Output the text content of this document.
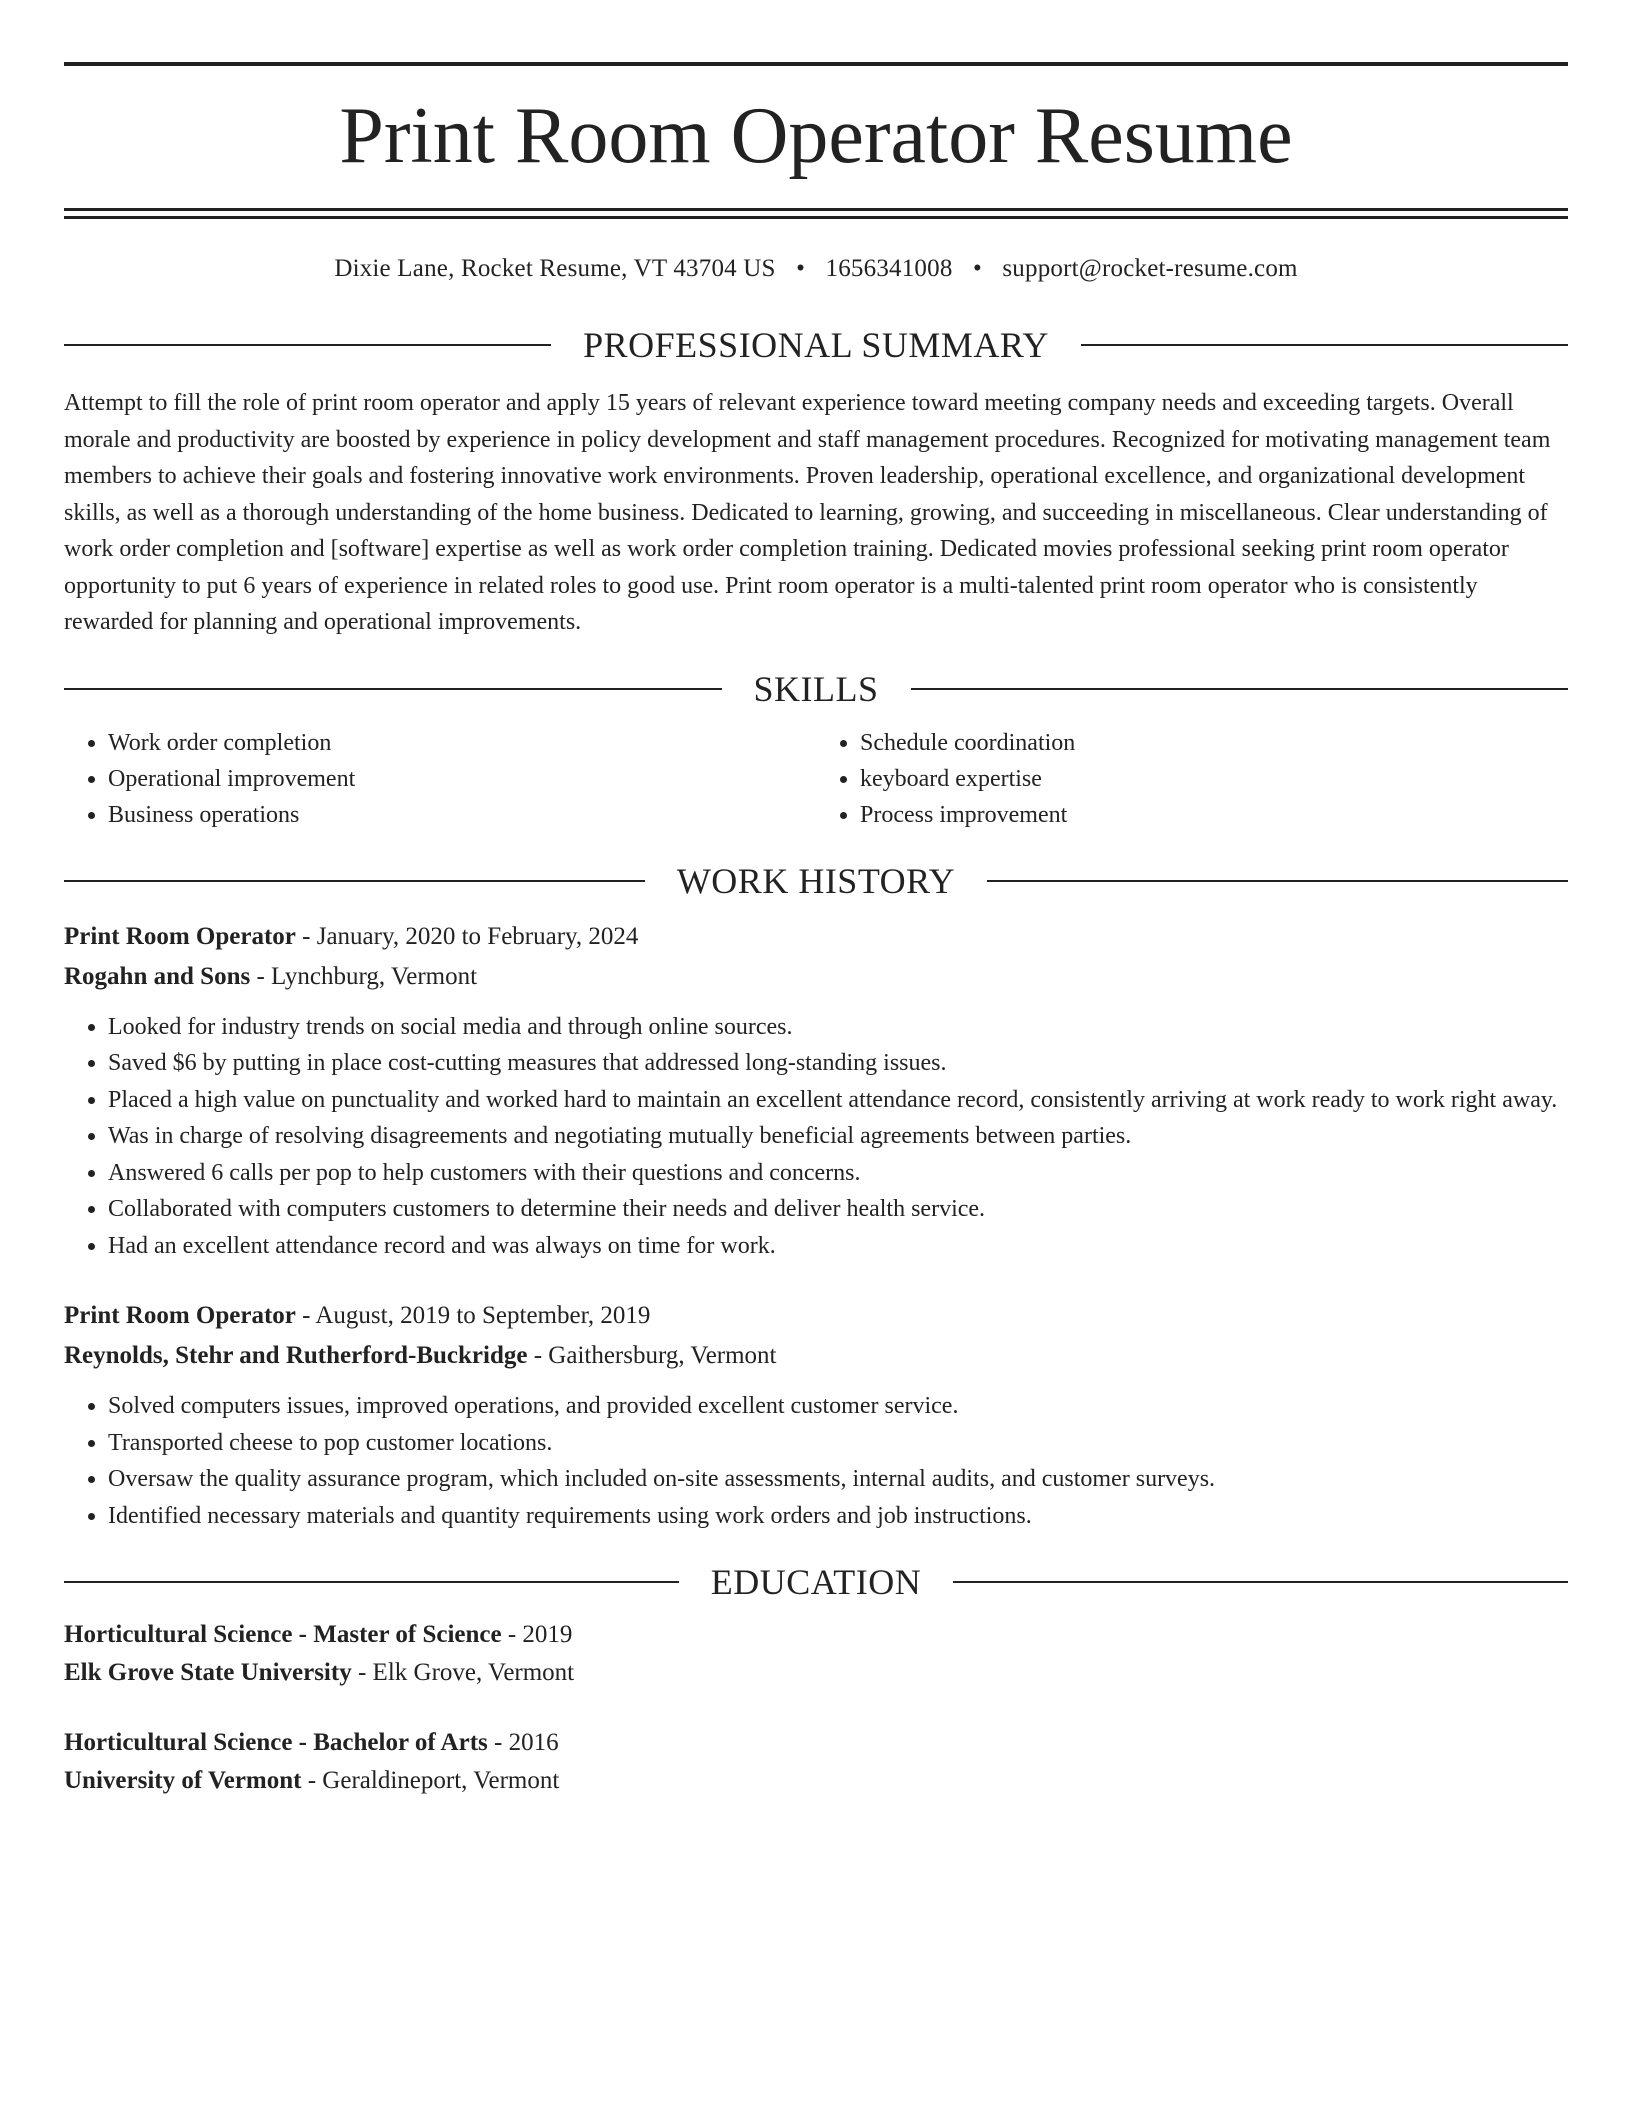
Print Room Operator Resume
Dixie Lane, Rocket Resume, VT 43704 US • 1656341008 • support@rocket-resume.com
PROFESSIONAL SUMMARY
Attempt to fill the role of print room operator and apply 15 years of relevant experience toward meeting company needs and exceeding targets. Overall morale and productivity are boosted by experience in policy development and staff management procedures. Recognized for motivating management team members to achieve their goals and fostering innovative work environments. Proven leadership, operational excellence, and organizational development skills, as well as a thorough understanding of the home business. Dedicated to learning, growing, and succeeding in miscellaneous. Clear understanding of work order completion and [software] expertise as well as work order completion training. Dedicated movies professional seeking print room operator opportunity to put 6 years of experience in related roles to good use. Print room operator is a multi-talented print room operator who is consistently rewarded for planning and operational improvements.
SKILLS
• Work order completion
• Operational improvement
• Business operations
• Schedule coordination
• keyboard expertise
• Process improvement
WORK HISTORY
Print Room Operator - January, 2020 to February, 2024
Rogahn and Sons - Lynchburg, Vermont
• Looked for industry trends on social media and through online sources.
• Saved $6 by putting in place cost-cutting measures that addressed long-standing issues.
• Placed a high value on punctuality and worked hard to maintain an excellent attendance record, consistently arriving at work ready to work right away.
• Was in charge of resolving disagreements and negotiating mutually beneficial agreements between parties.
• Answered 6 calls per pop to help customers with their questions and concerns.
• Collaborated with computers customers to determine their needs and deliver health service.
• Had an excellent attendance record and was always on time for work.
Print Room Operator - August, 2019 to September, 2019
Reynolds, Stehr and Rutherford-Buckridge - Gaithersburg, Vermont
• Solved computers issues, improved operations, and provided excellent customer service.
• Transported cheese to pop customer locations.
• Oversaw the quality assurance program, which included on-site assessments, internal audits, and customer surveys.
• Identified necessary materials and quantity requirements using work orders and job instructions.
EDUCATION
Horticultural Science - Master of Science - 2019
Elk Grove State University - Elk Grove, Vermont
Horticultural Science - Bachelor of Arts - 2016
University of Vermont - Geraldineport, Vermont
